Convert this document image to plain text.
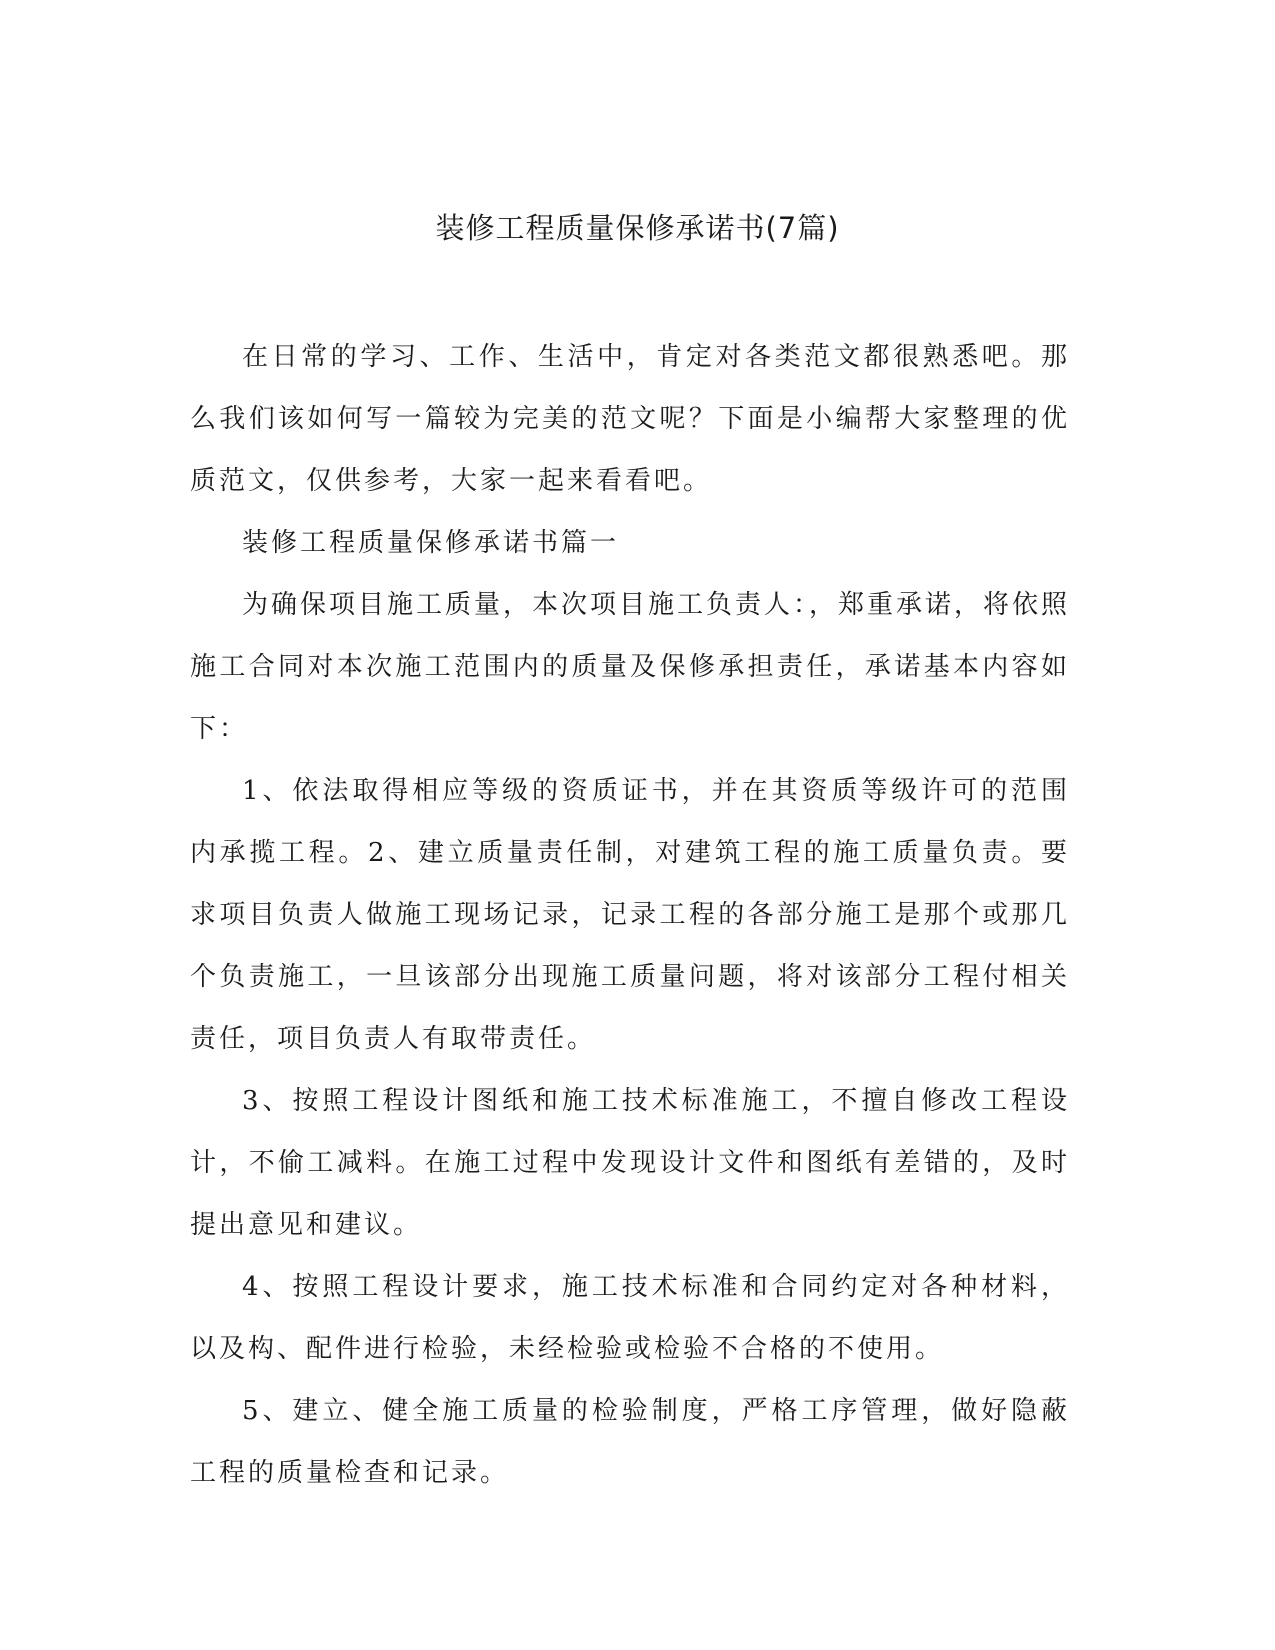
装修工程质量保修承诺书(7篇)

在日常的学习、工作、生活中，肯定对各类范文都很熟悉吧。那么我们该如何写一篇较为完美的范文呢？下面是小编帮大家整理的优质范文，仅供参考，大家一起来看看吧。

装修工程质量保修承诺书篇一

为确保项目施工质量，本次项目施工负责人：，郑重承诺，将依照施工合同对本次施工范围内的质量及保修承担责任，承诺基本内容如下：

1、依法取得相应等级的资质证书，并在其资质等级许可的范围内承揽工程。2、建立质量责任制，对建筑工程的施工质量负责。要求项目负责人做施工现场记录，记录工程的各部分施工是那个或那几个负责施工，一旦该部分出现施工质量问题，将对该部分工程付相关责任，项目负责人有取带责任。

3、按照工程设计图纸和施工技术标准施工，不擅自修改工程设计，不偷工减料。在施工过程中发现设计文件和图纸有差错的，及时提出意见和建议。

4、按照工程设计要求，施工技术标准和合同约定对各种材料，以及构、配件进行检验，未经检验或检验不合格的不使用。

5、建立、健全施工质量的检验制度，严格工序管理，做好隐蔽工程的质量检查和记录。
